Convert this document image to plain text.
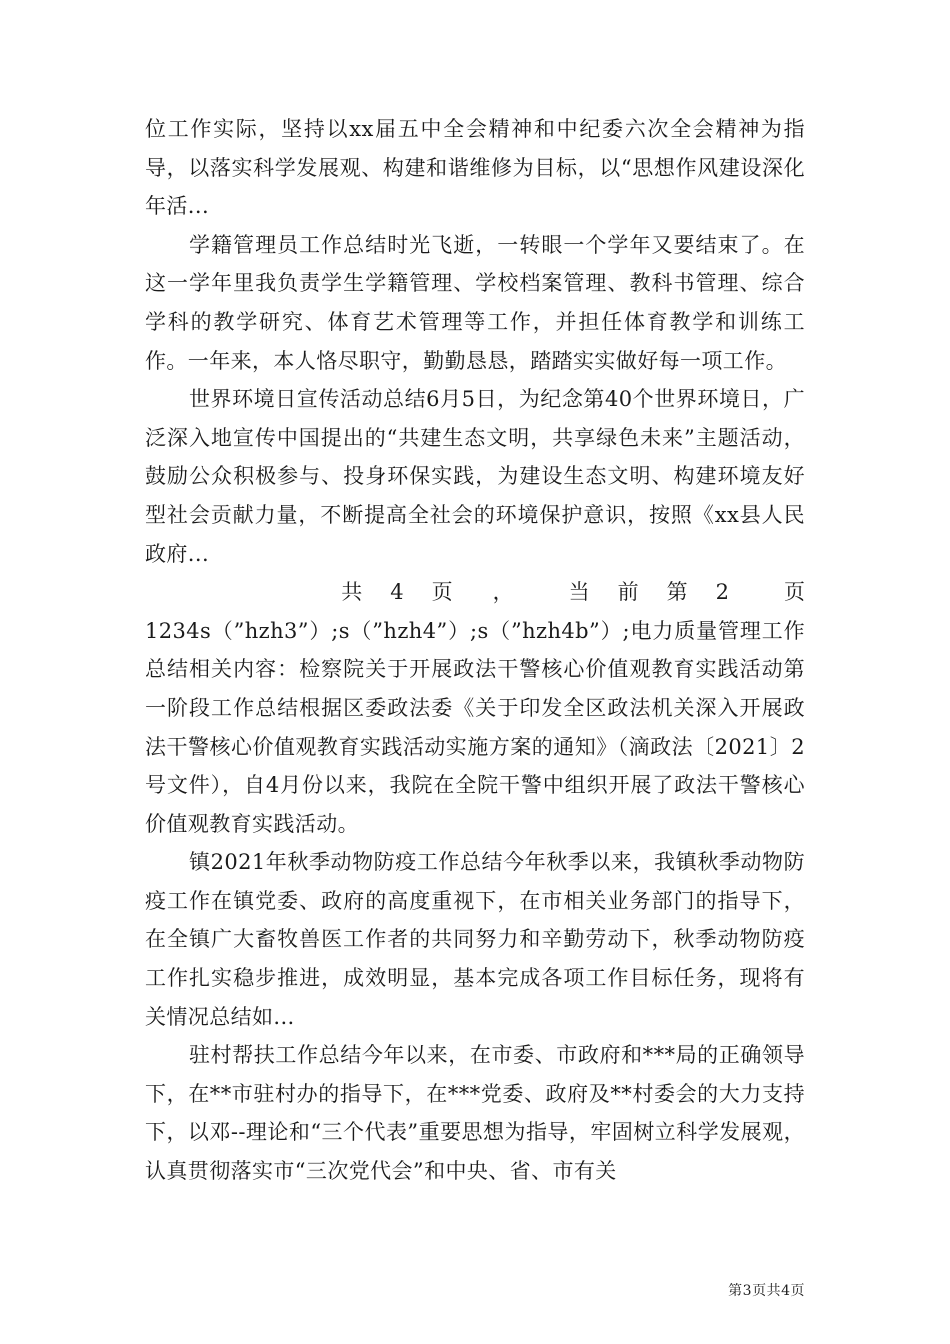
位工作实际，坚持以xx届五中全会精神和中纪委六次全会精神为指导，以落实科学发展观、构建和谐维修为目标，以“思想作风建设深化年活...

学籍管理员工作总结时光飞逝，一转眼一个学年又要结束了。在这一学年里我负责学生学籍管理、学校档案管理、教科书管理、综合学科的教学研究、体育艺术管理等工作，并担任体育教学和训练工作。一年来，本人恪尽职守，勤勤恳恳，踏踏实实做好每一项工作。

世界环境日宣传活动总结6月5日，为纪念第40个世界环境日，广泛深入地宣传中国提出的“共建生态文明，共享绿色未来”主题活动，鼓励公众积极参与、投身环保实践，为建设生态文明、构建环境友好型社会贡献力量，不断提高全社会的环境保护意识，按照《xx县人民政府...

共 4 页 ，	当前第2	页

1234s（”hzh3”）;s（”hzh4”）;s（”hzh4b”）;电力质量管理工作总结相关内容：检察院关于开展政法干警核心价值观教育实践活动第一阶段工作总结根据区委政法委《关于印发全区政法机关深入开展政法干警核心价值观教育实践活动实施方案的通知》（滴政法〔2021〕2号文件），自4月份以来，我院在全院干警中组织开展了政法干警核心价值观教育实践活动。

镇2021年秋季动物防疫工作总结今年秋季以来，我镇秋季动物防疫工作在镇党委、政府的高度重视下，在市相关业务部门的指导下，在全镇广大畜牧兽医工作者的共同努力和辛勤劳动下，秋季动物防疫工作扎实稳步推进，成效明显，基本完成各项工作目标任务，现将有关情况总结如...

驻村帮扶工作总结今年以来，在市委、市政府和***局的正确领导下，在**市驻村办的指导下，在***党委、政府及**村委会的大力支持下，以邓--理论和“三个代表”重要思想为指导，牢固树立科学发展观，认真贯彻落实市“三次党代会”和中央、省、市有关

第3页共4页
